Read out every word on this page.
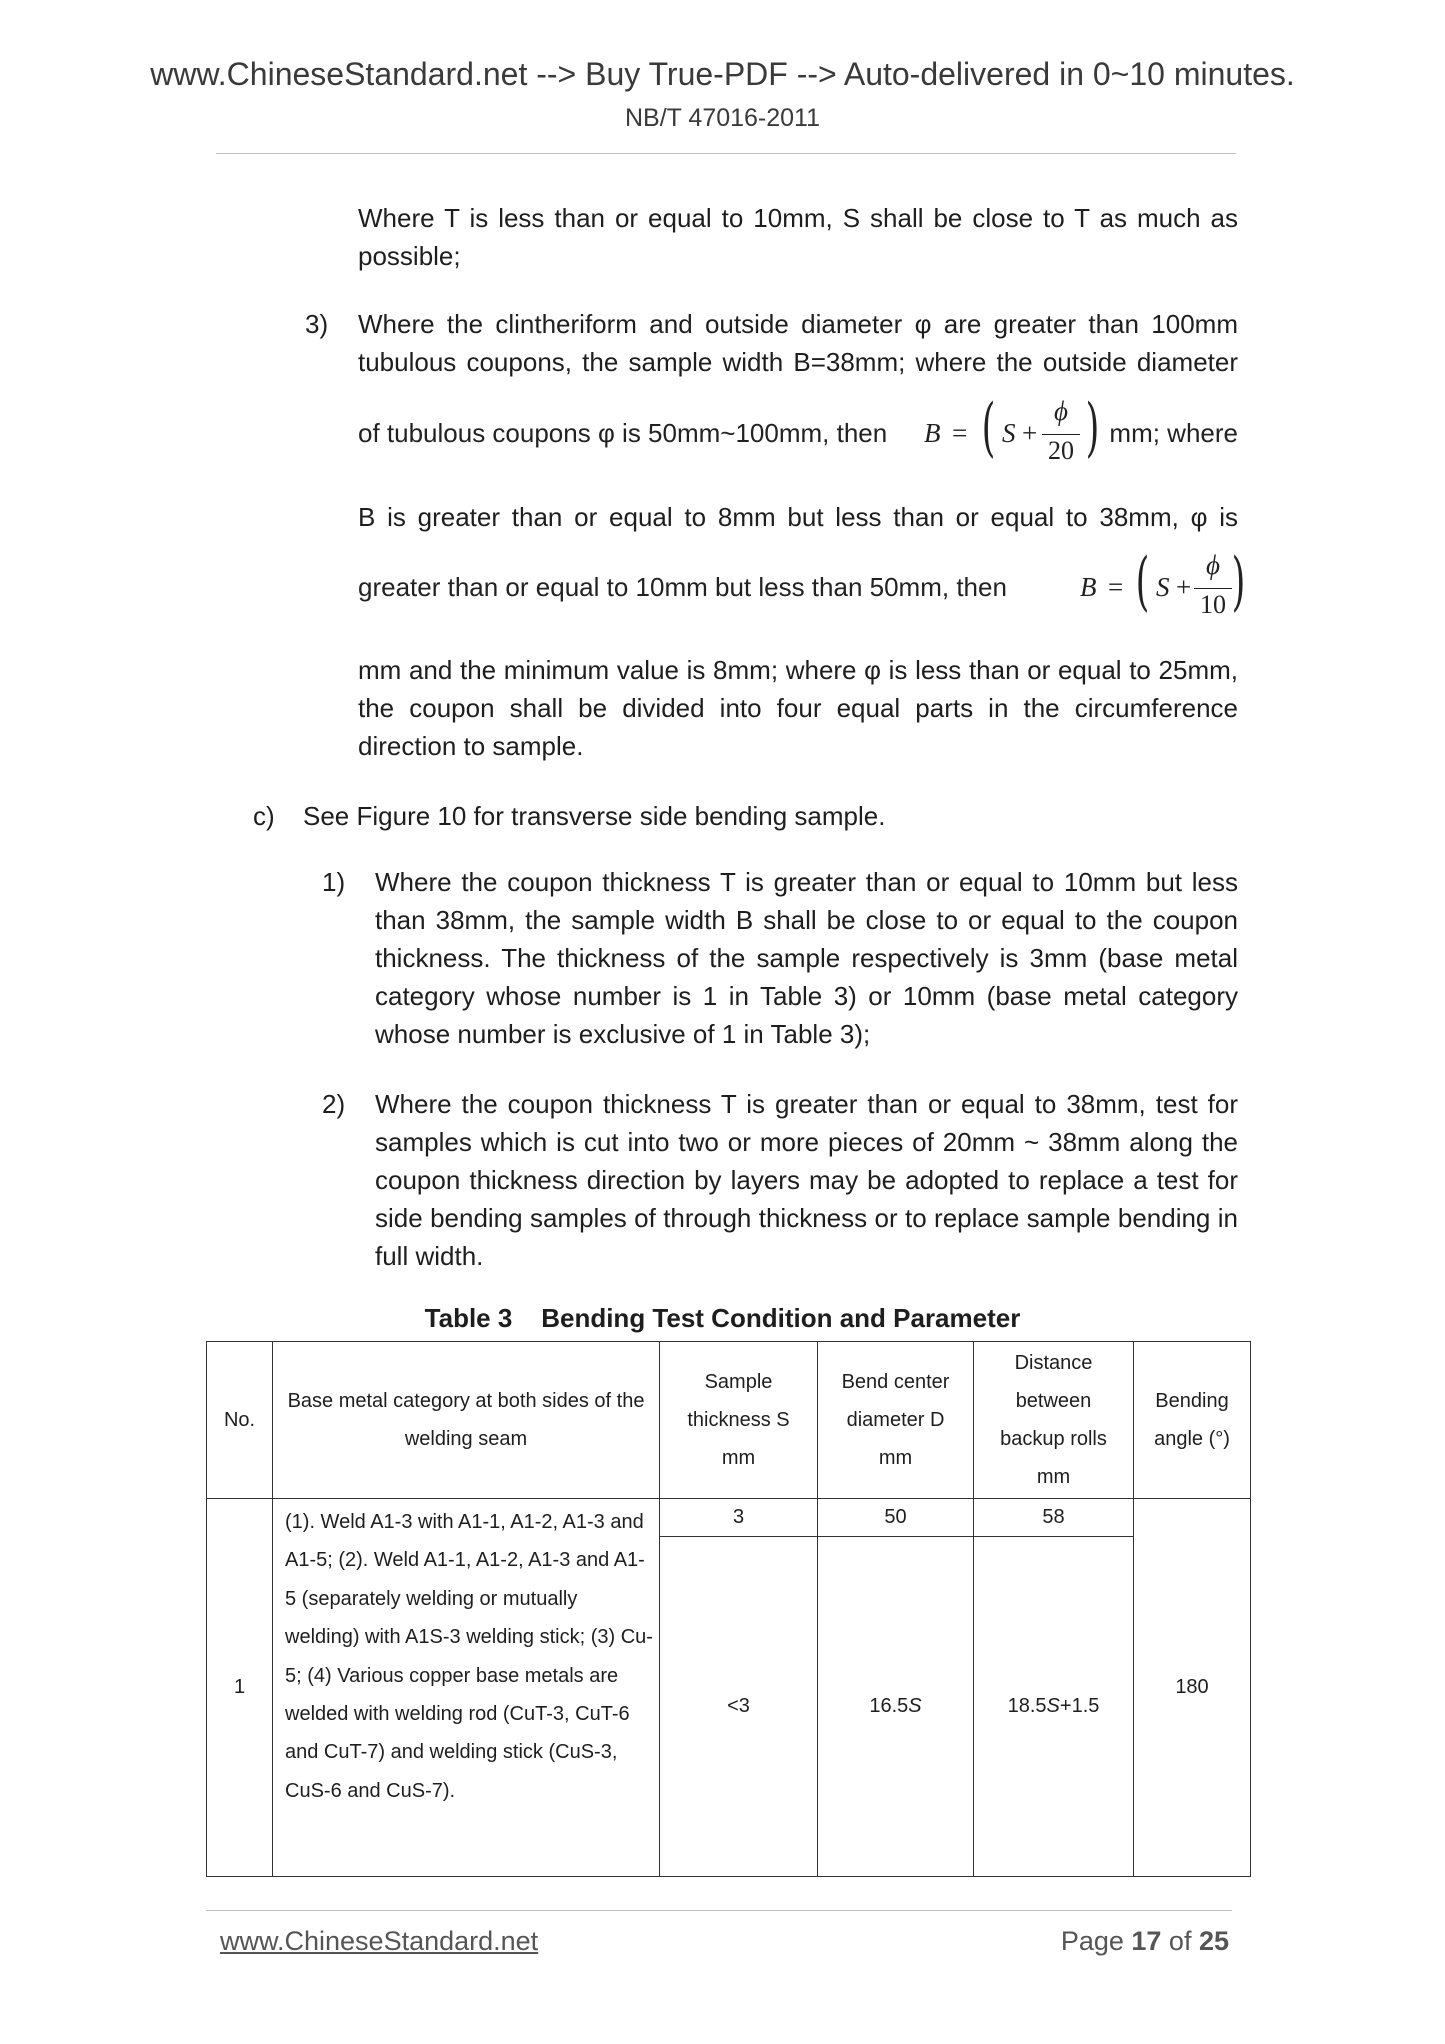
www.ChineseStandard.net --> Buy True-PDF --> Auto-delivered in 0~10 minutes.
NB/T 47016-2011
Where T is less than or equal to 10mm, S shall be close to T as much as possible;
3) Where the clintheriform and outside diameter φ are greater than 100mm
tubulous coupons, the sample width B=38mm; where the outside diameter
of tubulous coupons φ is 50mm~100mm, then B = ( S +
ϕ
20 ) mm; where
B is greater than or equal to 8mm but less than or equal to 38mm, φ is
greater than or equal to 10mm but less than 50mm, then	B = ( S +
ϕ
10 )
mm and the minimum value is 8mm; where φ is less than or equal to 25mm, the coupon shall be divided into four equal parts in the circumference direction to sample.
c) See Figure 10 for transverse side bending sample.
1) Where the coupon thickness T is greater than or equal to 10mm but less than 38mm, the sample width B shall be close to or equal to the coupon thickness. The thickness of the sample respectively is 3mm (base metal category whose number is 1 in Table 3) or 10mm (base metal category whose number is exclusive of 1 in Table 3);
2) Where the coupon thickness T is greater than or equal to 38mm, test for samples which is cut into two or more pieces of 20mm ~ 38mm along the coupon thickness direction by layers may be adopted to replace a test for side bending samples of through thickness or to replace sample bending in full width.
Table 3    Bending Test Condition and Parameter
No.	Base metal category at both sides of the welding seam	Sample thickness S mm	Bend center diameter D mm	Distance between backup rolls mm	Bending angle (°)
1	(1). Weld A1-3 with A1-1, A1-2, A1-3 and A1-5; (2). Weld A1-1, A1-2, A1-3 and A1-5 (separately welding or mutually welding) with A1S-3 welding stick; (3) Cu-5; (4) Various copper base metals are welded with welding rod (CuT-3, CuT-6 and CuT-7) and welding stick (CuS-3, CuS-6 and CuS-7).	3	50	58	180
		<3	16.5S	18.5S+1.5	
www.ChineseStandard.net	Page 17 of 25
